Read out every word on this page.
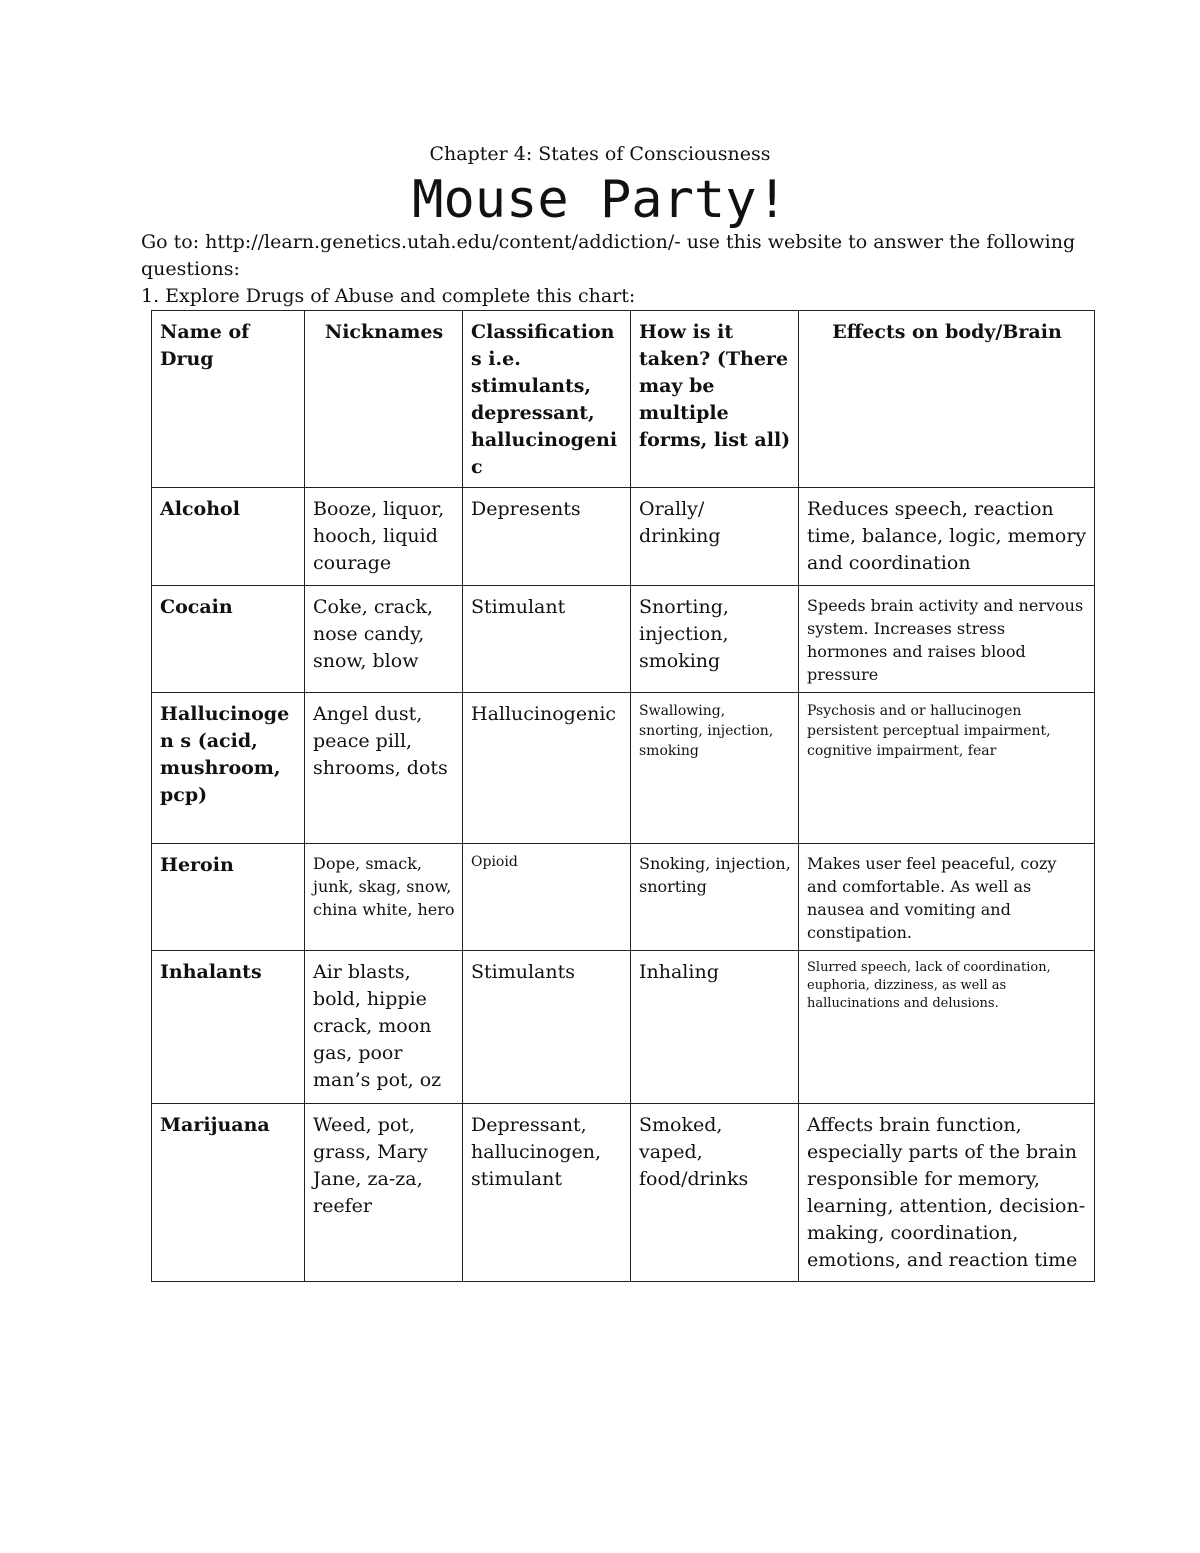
Chapter 4: States of Consciousness
Mouse Party!

Go to: http://learn.genetics.utah.edu/content/addiction/- use this website to answer the following questions:

1. Explore Drugs of Abuse and complete this chart:

Name of Drug	Nicknames	Classifications i.e. stimulants, depressant, hallucinogenic	How is it taken? (There may be multiple forms, list all)	Effects on body/Brain
Alcohol	Booze, liquor, hooch, liquid courage	Depresents	Orally/ drinking	Reduces speech, reaction time, balance, logic, memory and coordination
Cocain	Coke, crack, nose candy, snow, blow	Stimulant	Snorting, injection, smoking	Speeds brain activity and nervous system. Increases stress hormones and raises blood pressure
Hallucinogen s (acid, mushroom, pcp)	Angel dust, peace pill, shrooms, dots	Hallucinogenic	Swallowing, snorting, injection, smoking	Psychosis and or hallucinogen persistent perceptual impairment, cognitive impairment, fear
Heroin	Dope, smack, junk, skag, snow, china white, hero	Opioid	Snoking, injection, snorting	Makes user feel peaceful, cozy and comfortable. As well as nausea and vomiting and constipation.
Inhalants	Air blasts, bold, hippie crack, moon gas, poor man’s pot, oz	Stimulants	Inhaling	Slurred speech, lack of coordination, euphoria, dizziness, as well as hallucinations and delusions.
Marijuana	Weed, pot, grass, Mary Jane, za-za, reefer	Depressant, hallucinogen, stimulant	Smoked, vaped, food/drinks	Affects brain function, especially parts of the brain responsible for memory, learning, attention, decision-making, coordination, emotions, and reaction time
